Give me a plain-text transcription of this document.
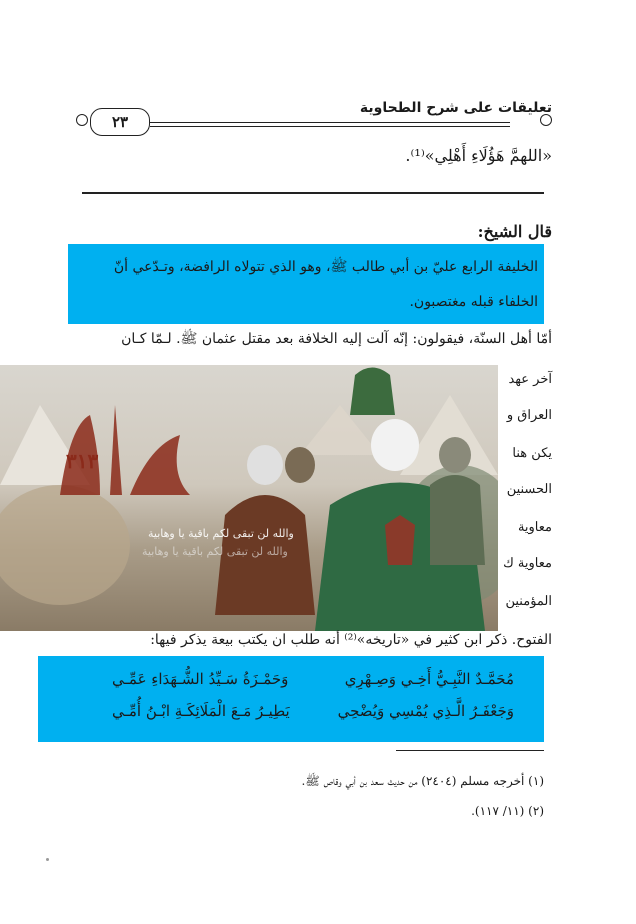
تعليقات على شرح الطحاوية
٢٣
«اللهمَّ هَؤُلَاءِ أَهْلِي»⁽¹⁾.
قال الشيخ:
الخليفة الرابع عليّ بن أبي طالب ﷺ، وهو الذي تتولاه الرافضة، وتـدّعي أنّ
الخلفاء قبله مغتصبون.
أمّا أهل السنّة، فيقولون: إنّه آلت إليه الخلافة بعد مقتل عثمان ﷺ. لـمّا كـان
آخر عهد
العراق و
يكن هنا
الحسنين
معاوية
معاوية ك
المؤمنين
٣١٣
والله لن تبقى لكم باقية يا وهابية
والله لن تبقى لكم باقية يا وهابية
الفتوح. ذكر ابن كثير في «تاريخه»⁽²⁾ أنه طلب ان يكتب بيعة يذكر فيها:
مُحَمَّـدٌ النَّبِـيُّ أَخِـي وَصِـهْرِي
وَحَمْـزَةُ سَـيِّدُ الشُّـهَدَاءِ عَمِّـي
وَجَعْفَـرُ الَّـذِي يُمْسِي وَيُضْحِي
يَطِيـرُ مَـعَ الْمَلَائِكَـةِ ابْـنُ أُمِّـي
(١) أخرجه مسلم (٢٤٠٤) من حديث سعد بن أبي وقاص ﷺ.
(٢) (١١/ ١١٧).
